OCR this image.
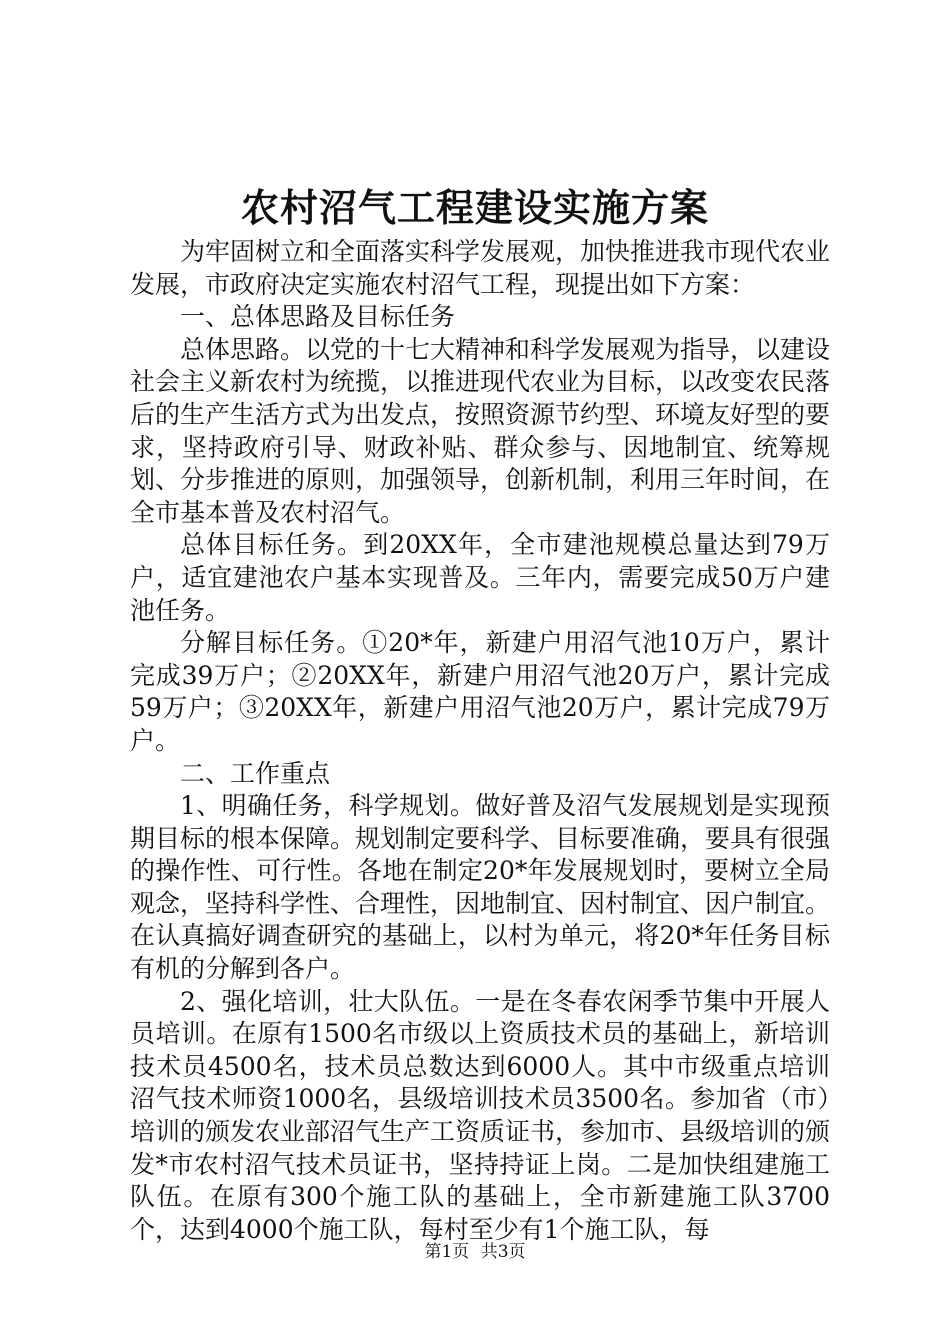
农村沼气工程建设实施方案

为牢固树立和全面落实科学发展观，加快推进我市现代农业发展，市政府决定实施农村沼气工程，现提出如下方案：

一、总体思路及目标任务

总体思路。以党的十七大精神和科学发展观为指导，以建设社会主义新农村为统揽，以推进现代农业为目标，以改变农民落后的生产生活方式为出发点，按照资源节约型、环境友好型的要求，坚持政府引导、财政补贴、群众参与、因地制宜、统筹规划、分步推进的原则，加强领导，创新机制，利用三年时间，在全市基本普及农村沼气。

总体目标任务。到20XX年，全市建池规模总量达到79万户，适宜建池农户基本实现普及。三年内，需要完成50万户建池任务。

分解目标任务。①20*年，新建户用沼气池10万户，累计完成39万户；②20XX年，新建户用沼气池20万户，累计完成59万户；③20XX年，新建户用沼气池20万户，累计完成79万户。

二、工作重点

1、明确任务，科学规划。做好普及沼气发展规划是实现预期目标的根本保障。规划制定要科学、目标要准确，要具有很强的操作性、可行性。各地在制定20*年发展规划时，要树立全局观念，坚持科学性、合理性，因地制宜、因村制宜、因户制宜。在认真搞好调查研究的基础上，以村为单元，将20*年任务目标有机的分解到各户。

2、强化培训，壮大队伍。一是在冬春农闲季节集中开展人员培训。在原有1500名市级以上资质技术员的基础上，新培训技术员4500名，技术员总数达到6000人。其中市级重点培训沼气技术师资1000名，县级培训技术员3500名。参加省（市）培训的颁发农业部沼气生产工资质证书，参加市、县级培训的颁发*市农村沼气技术员证书，坚持持证上岗。二是加快组建施工队伍。在原有300个施工队的基础上，全市新建施工队3700个，达到4000个施工队，每村至少有1个施工队，每

第1页 共3页
